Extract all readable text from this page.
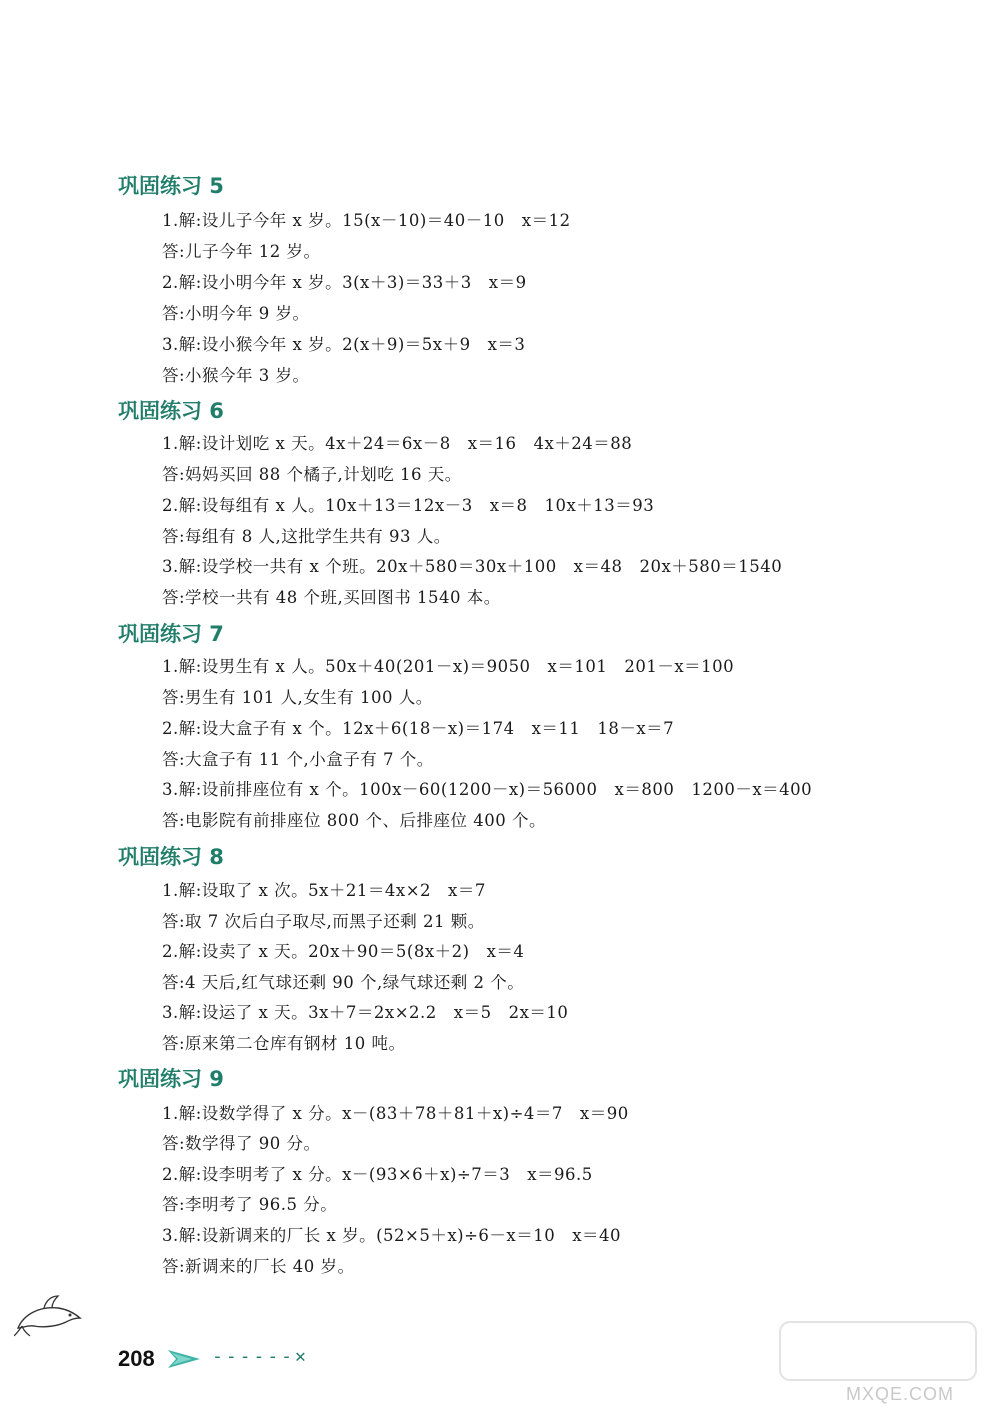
巩固练习 5
1.解:设儿子今年 x 岁。15(x－10)＝40－10　x＝12
答:儿子今年 12 岁。
2.解:设小明今年 x 岁。3(x＋3)＝33＋3　x＝9
答:小明今年 9 岁。
3.解:设小猴今年 x 岁。2(x＋9)＝5x＋9　x＝3
答:小猴今年 3 岁。
巩固练习 6
1.解:设计划吃 x 天。4x＋24＝6x－8　x＝16　4x＋24＝88
答:妈妈买回 88 个橘子,计划吃 16 天。
2.解:设每组有 x 人。10x＋13＝12x－3　x＝8　10x＋13＝93
答:每组有 8 人,这批学生共有 93 人。
3.解:设学校一共有 x 个班。20x＋580＝30x＋100　x＝48　20x＋580＝1540
答:学校一共有 48 个班,买回图书 1540 本。
巩固练习 7
1.解:设男生有 x 人。50x＋40(201－x)＝9050　x＝101　201－x＝100
答:男生有 101 人,女生有 100 人。
2.解:设大盒子有 x 个。12x＋6(18－x)＝174　x＝11　18－x＝7
答:大盒子有 11 个,小盒子有 7 个。
3.解:设前排座位有 x 个。100x－60(1200－x)＝56000　x＝800　1200－x＝400
答:电影院有前排座位 800 个、后排座位 400 个。
巩固练习 8
1.解:设取了 x 次。5x＋21＝4x×2　x＝7
答:取 7 次后白子取尽,而黑子还剩 21 颗。
2.解:设卖了 x 天。20x＋90＝5(8x＋2)　x＝4
答:4 天后,红气球还剩 90 个,绿气球还剩 2 个。
3.解:设运了 x 天。3x＋7＝2x×2.2　x＝5　2x＝10
答:原来第二仓库有钢材 10 吨。
巩固练习 9
1.解:设数学得了 x 分。x－(83＋78＋81＋x)÷4＝7　x＝90
答:数学得了 90 分。
2.解:设李明考了 x 分。x－(93×6＋x)÷7＝3　x＝96.5
答:李明考了 96.5 分。
3.解:设新调来的厂长 x 岁。(52×5＋x)÷6－x＝10　x＝40
答:新调来的厂长 40 岁。
208	------✕
MXQE.COM
